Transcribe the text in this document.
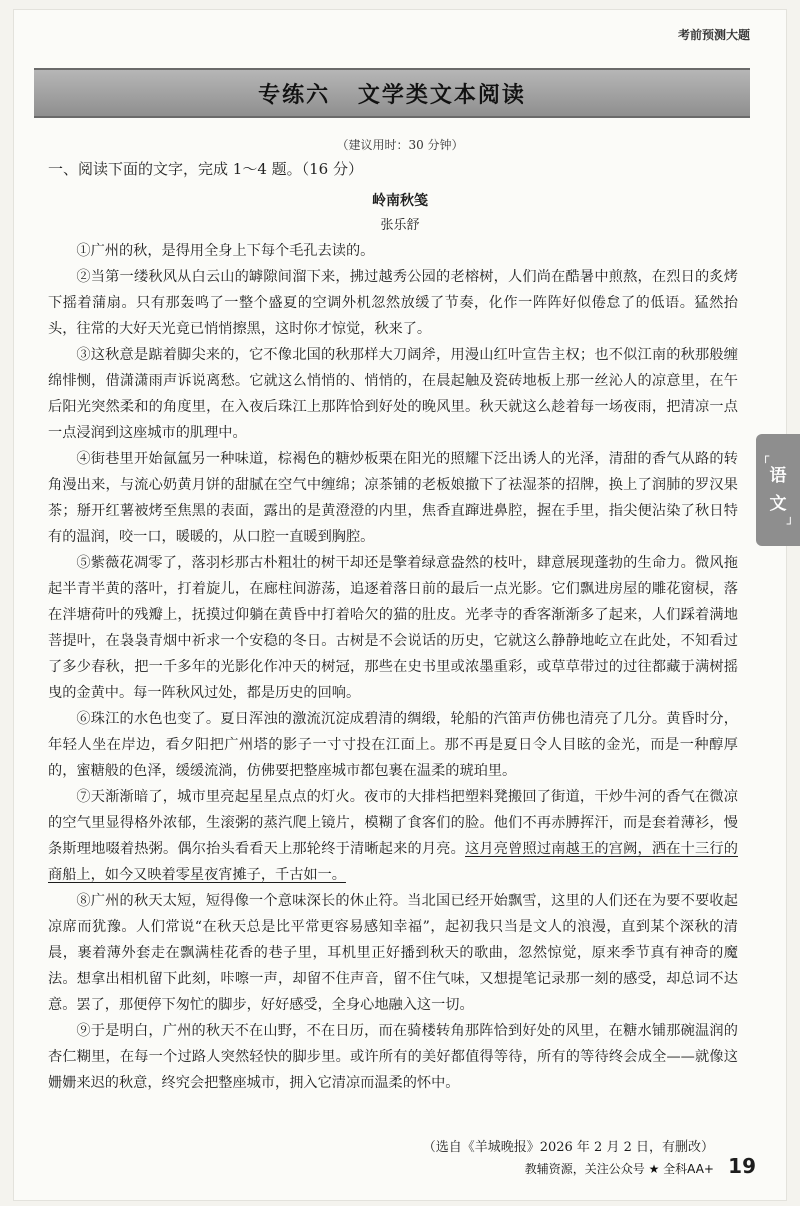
考前预测大题
专练六 文学类文本阅读
（建议用时：30 分钟）
一、阅读下面的文字，完成 1～4 题。（16 分）
岭南秋笺
张乐舒

①广州的秋，是得用全身上下每个毛孔去读的。

②当第一缕秋风从白云山的罅隙间溜下来，拂过越秀公园的老榕树，人们尚在酷暑中煎熬，在烈日的炙烤下摇着蒲扇。只有那轰鸣了一整个盛夏的空调外机忽然放缓了节奏，化作一阵阵好似倦怠了的低语。猛然抬头，往常的大好天光竟已悄悄擦黑，这时你才惊觉，秋来了。

③这秋意是踮着脚尖来的，它不像北国的秋那样大刀阔斧，用漫山红叶宣告主权；也不似江南的秋那般缠绵悱恻，借潇潇雨声诉说离愁。它就这么悄悄的、悄悄的，在晨起触及瓷砖地板上那一丝沁人的凉意里，在午后阳光突然柔和的角度里，在入夜后珠江上那阵恰到好处的晚风里。秋天就这么趁着每一场夜雨，把清凉一点一点浸润到这座城市的肌理中。

④街巷里开始氤氲另一种味道，棕褐色的糖炒板栗在阳光的照耀下泛出诱人的光泽，清甜的香气从路的转角漫出来，与流心奶黄月饼的甜腻在空气中缠绵；凉茶铺的老板娘撤下了祛湿茶的招牌，换上了润肺的罗汉果茶；掰开红薯被烤至焦黑的表面，露出的是黄澄澄的内里，焦香直蹿进鼻腔，握在手里，指尖便沾染了秋日特有的温润，咬一口，暖暖的，从口腔一直暖到胸腔。

⑤紫薇花凋零了，落羽杉那古朴粗壮的树干却还是擎着绿意盎然的枝叶，肆意展现蓬勃的生命力。微风拖起半青半黄的落叶，打着旋儿，在廊柱间游荡，追逐着落日前的最后一点光影。它们飘进房屋的雕花窗棂，落在泮塘荷叶的残瓣上，抚摸过仰躺在黄昏中打着哈欠的猫的肚皮。光孝寺的香客渐渐多了起来，人们踩着满地菩提叶，在袅袅青烟中祈求一个安稳的冬日。古树是不会说话的历史，它就这么静静地屹立在此处，不知看过了多少春秋，把一千多年的光影化作冲天的树冠，那些在史书里或浓墨重彩，或草草带过的过往都藏于满树摇曳的金黄中。每一阵秋风过处，都是历史的回响。

⑥珠江的水色也变了。夏日浑浊的激流沉淀成碧清的绸缎，轮船的汽笛声仿佛也清亮了几分。黄昏时分，年轻人坐在岸边，看夕阳把广州塔的影子一寸寸投在江面上。那不再是夏日令人目眩的金光，而是一种醇厚的，蜜糖般的色泽，缓缓流淌，仿佛要把整座城市都包裹在温柔的琥珀里。

⑦天渐渐暗了，城市里亮起星星点点的灯火。夜市的大排档把塑料凳搬回了街道，干炒牛河的香气在微凉的空气里显得格外浓郁，生滚粥的蒸汽爬上镜片，模糊了食客们的脸。他们不再赤膊挥汗，而是套着薄衫，慢条斯理地啜着热粥。偶尔抬头看看天上那轮终于清晰起来的月亮。这月亮曾照过南越王的宫阙，洒在十三行的商船上，如今又映着零星夜宵摊子，千古如一。

⑧广州的秋天太短，短得像一个意味深长的休止符。当北国已经开始飘雪，这里的人们还在为要不要收起凉席而犹豫。人们常说“在秋天总是比平常更容易感知幸福”，起初我只当是文人的浪漫，直到某个深秋的清晨，裹着薄外套走在飘满桂花香的巷子里，耳机里正好播到秋天的歌曲，忽然惊觉，原来季节真有神奇的魔法。想拿出相机留下此刻，咔嚓一声，却留不住声音，留不住气味，又想提笔记录那一刻的感受，却总词不达意。罢了，那便停下匆忙的脚步，好好感受，全身心地融入这一切。

⑨于是明白，广州的秋天不在山野，不在日历，而在骑楼转角那阵恰到好处的风里，在糖水铺那碗温润的杏仁糊里，在每一个过路人突然轻快的脚步里。或许所有的美好都值得等待，所有的等待终会成全——就像这姗姗来迟的秋意，终究会把整座城市，拥入它清凉而温柔的怀中。

（选自《羊城晚报》2026 年 2 月 2 日，有删改）
教辅资源，关注公众号 ★ 全科AA+ 19
┌
语
文
┘
